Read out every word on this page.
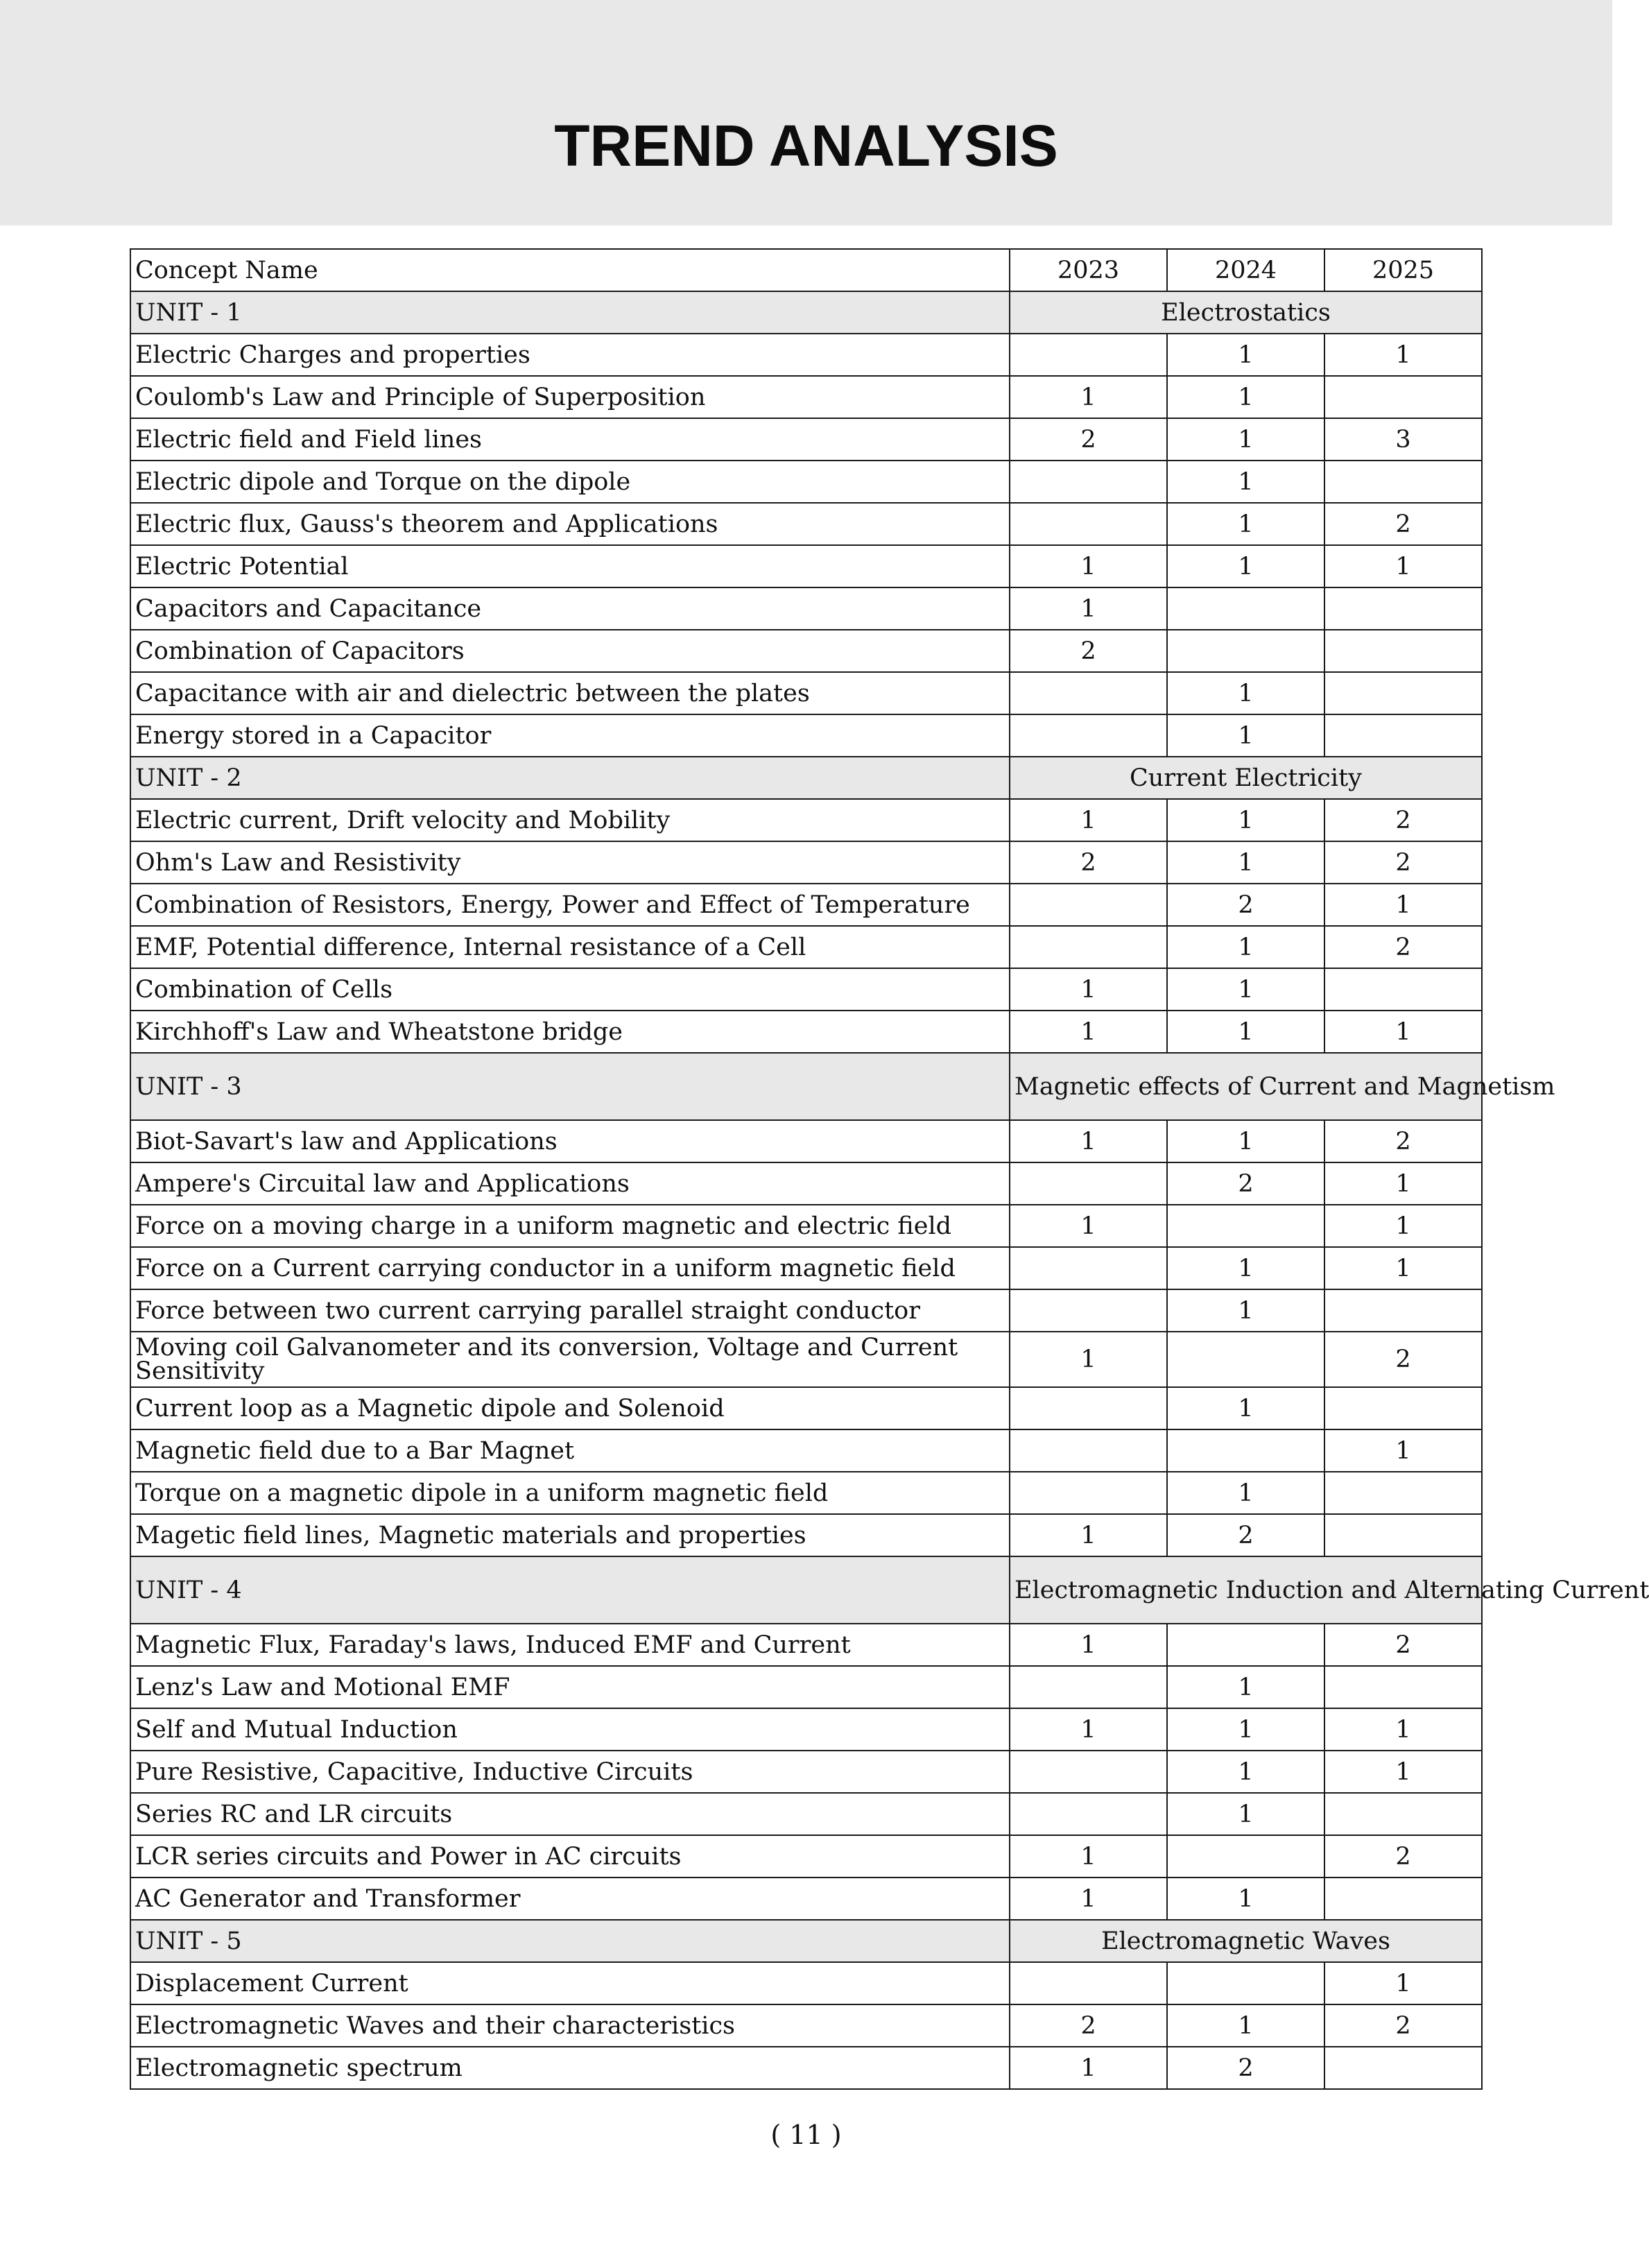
TREND ANALYSIS
Concept Name	2023	2024	2025
UNIT - 1	Electrostatics		
Electric Charges and properties		1	1
Coulomb's Law and Principle of Superposition	1	1	
Electric field and Field lines	2	1	3
Electric dipole and Torque on the dipole		1	
Electric flux, Gauss's theorem and Applications		1	2
Electric Potential	1	1	1
Capacitors and Capacitance	1		
Combination of Capacitors	2		
Capacitance with air and dielectric between the plates		1	
Energy stored in a Capacitor		1	
UNIT - 2	Current Electricity		
Electric current, Drift velocity and Mobility	1	1	2
Ohm's Law and Resistivity	2	1	2
Combination of Resistors, Energy, Power and Effect of Temperature		2	1
EMF, Potential difference, Internal resistance of a Cell		1	2
Combination of Cells	1	1	
Kirchhoff's Law and Wheatstone bridge	1	1	1
UNIT - 3	Magnetic effects of Current and Magnetism		
Biot-Savart's law and Applications	1	1	2
Ampere's Circuital law and Applications		2	1
Force on a moving charge in a uniform magnetic and electric field	1		1
Force on a Current carrying conductor in a uniform magnetic field		1	1
Force between two current carrying parallel straight conductor		1	
Moving coil Galvanometer and its conversion, Voltage and Current Sensitivity	1		2
Current loop as a Magnetic dipole and Solenoid		1	
Magnetic field due to a Bar Magnet			1
Torque on a magnetic dipole in a uniform magnetic field		1	
Magetic field lines, Magnetic materials and properties	1	2	
UNIT - 4	Electromagnetic Induction and Alternating Current		
Magnetic Flux, Faraday's laws, Induced EMF and Current	1		2
Lenz's Law and Motional EMF		1	
Self and Mutual Induction	1	1	1
Pure Resistive, Capacitive, Inductive Circuits		1	1
Series RC and LR circuits		1	
LCR series circuits and Power in AC circuits	1		2
AC Generator and Transformer	1	1	
UNIT - 5	Electromagnetic Waves		
Displacement Current			1
Electromagnetic Waves and their characteristics	2	1	2
Electromagnetic spectrum	1	2	
( 11 )
